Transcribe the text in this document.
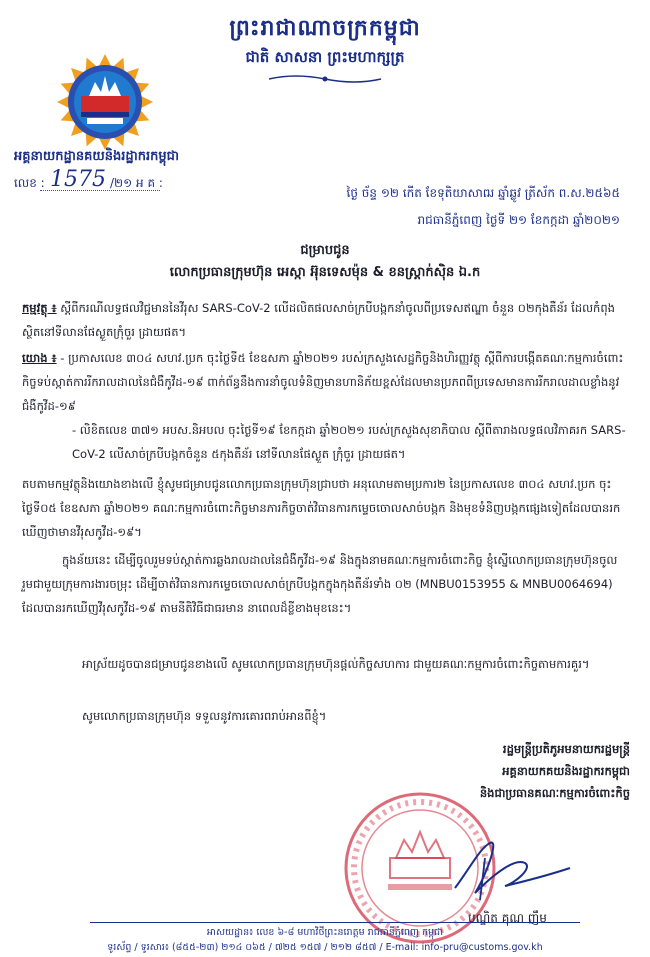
ព្រះរាជាណាចក្រកម្ពុជា
ជាតិ សាសនា ព្រះមហាក្សត្រ
អគ្គនាយកដ្ឋានគយនិងរដ្ឋាករកម្ពុជា
លេខ : 1575 /២១ អ គ :
ថ្ងៃ ច័ន្ទ ១២ កើត ខែទុតិយាសាឍ ឆ្នាំឆ្លូវ ត្រីស័ក ព.ស.២៥៦៥
រាជធានីភ្នំពេញ ថ្ងៃទី ២១ ខែកក្កដា ឆ្នាំ២០២១
ជម្រាបជូន
លោកប្រធានក្រុមហ៊ុន អេស្កា អ៊ុនទេសម៉ុន & ខនស្ត្រាក់ស៊ិន ឯ.ក

កម្មវត្ថុ ៖ ស្តីពីករណីលទ្ធផលវិជ្ជមាននៃវីរុស SARS-CoV-2 លើដលិតផលសាច់ក្របីបង្កកនាំចូលពីប្រទេសឥណ្ឌា ចំនួន ០២កុងតឺន័រ ដែលកំពុងស្ថិតនៅទីលានផែស្ងួតក្រុំចួរ ដ្រាយផត។

យោង ៖ - ប្រកាសលេខ ៣០៤ សហវ.ប្រក ចុះថ្ងៃទី៥ ខែឧសភា ឆ្នាំ២០២១ របស់ក្រសួងសេដ្ឋកិច្ចនិងហិរញ្ញវត្ថុ ស្តីពីការបង្កើតគណៈកម្មការចំពោះកិច្ចទប់ស្កាត់ការរីករាលដាលនៃជំងឺកូវីដ-១៩ ពាក់ព័ន្ធនឹងការនាំចូលទំនិញមានហានិភ័យខ្ពស់ដែលមានប្រភពពីប្រទេសមានការរីករាលដាលខ្លាំងនូវជំងឺកូវីដ-១៩

- លិខិតលេខ ៣៧១ អបស.និអបល ចុះថ្ងៃទី១៩ ខែកក្កដា ឆ្នាំ២០២១ របស់ក្រសួងសុខាភិបាល ស្តីពីតារាងលទ្ធផលវិភាគរក SARS-CoV-2 លើសាច់ក្របីបង្កកចំនួន ៥កុងតឺន័រ នៅទីលានផែស្ងួត ក្រុំចួរ ដ្រាយផត។

តបតាមកម្មវត្ថុនិងយោងខាងលើ ខ្ញុំសូមជម្រាបជូនលោកប្រធានក្រុមហ៊ុនជ្រាបថា អនុលោមតាមប្រការ២ នៃប្រកាសលេខ ៣០៤ សហវ.ប្រក ចុះថ្ងៃទី០៥ ខែឧសភា ឆ្នាំ២០២១ គណៈកម្មការចំពោះកិច្ចមានភារកិច្ចចាត់វិធានការកម្ទេចចោលសាច់បង្កក និងមុខទំនិញបង្កកផ្សេងទៀតដែលបានរកឃើញថាមានវីរុសកូវីដ-១៩។
ក្នុងន័យនេះ ដើម្បីចូលរួមទប់ស្កាត់ការឆ្លងរាលដាលនៃជំងឺកូវីដ-១៩ និងក្នុងនាមគណៈកម្មការចំពោះកិច្ច ខ្ញុំស្នើលោកប្រធានក្រុមហ៊ុនចូលរួមជាមួយក្រុមការងារចម្រុះ ដើម្បីចាត់វិធានការកម្ទេចចោលសាច់ក្របីបង្កកក្នុងកុងតឺន័រទាំង ០២ (MNBU0153955 & MNBU0064694) ដែលបានរកឃើញវីរុសកូវីដ-១៩ តាមនីតិវិធីជាធរមាន នាពេលដ៏ខ្លីខាងមុខនេះ។
អាស្រ័យដូចបានជម្រាបជូនខាងលើ សូមលោកប្រធានក្រុមហ៊ុនផ្តល់កិច្ចសហការ ជាមួយគណៈកម្មការចំពោះកិច្ចតាមការគួរ។
សូមលោកប្រធានក្រុមហ៊ុន ទទួលនូវការគោរពរាប់អានពីខ្ញុំ។
រដ្ឋមន្ត្រីប្រតិភូអមនាយករដ្ឋមន្ត្រី
អគ្គនាយកគយនិងរដ្ឋាករកម្ពុជា
និងជាប្រធានគណៈកម្មការចំពោះកិច្ច
បណ្ឌិត គុណ ញឹម
អាសយដ្ឋាន៖ លេខ ៦-៨ មហាវិថីព្រះនរោត្តម រាជធានីភ្នំពេញ កម្ពុជា
ទូរស័ព្ទ / ទូរសារ៖ (៨៥៥-២៣) ២១៤ ០៦៥ / ៧២៥ ១៥៧ / ២១២ ៨៥៧ / E-mail: info-pru@customs.gov.kh
